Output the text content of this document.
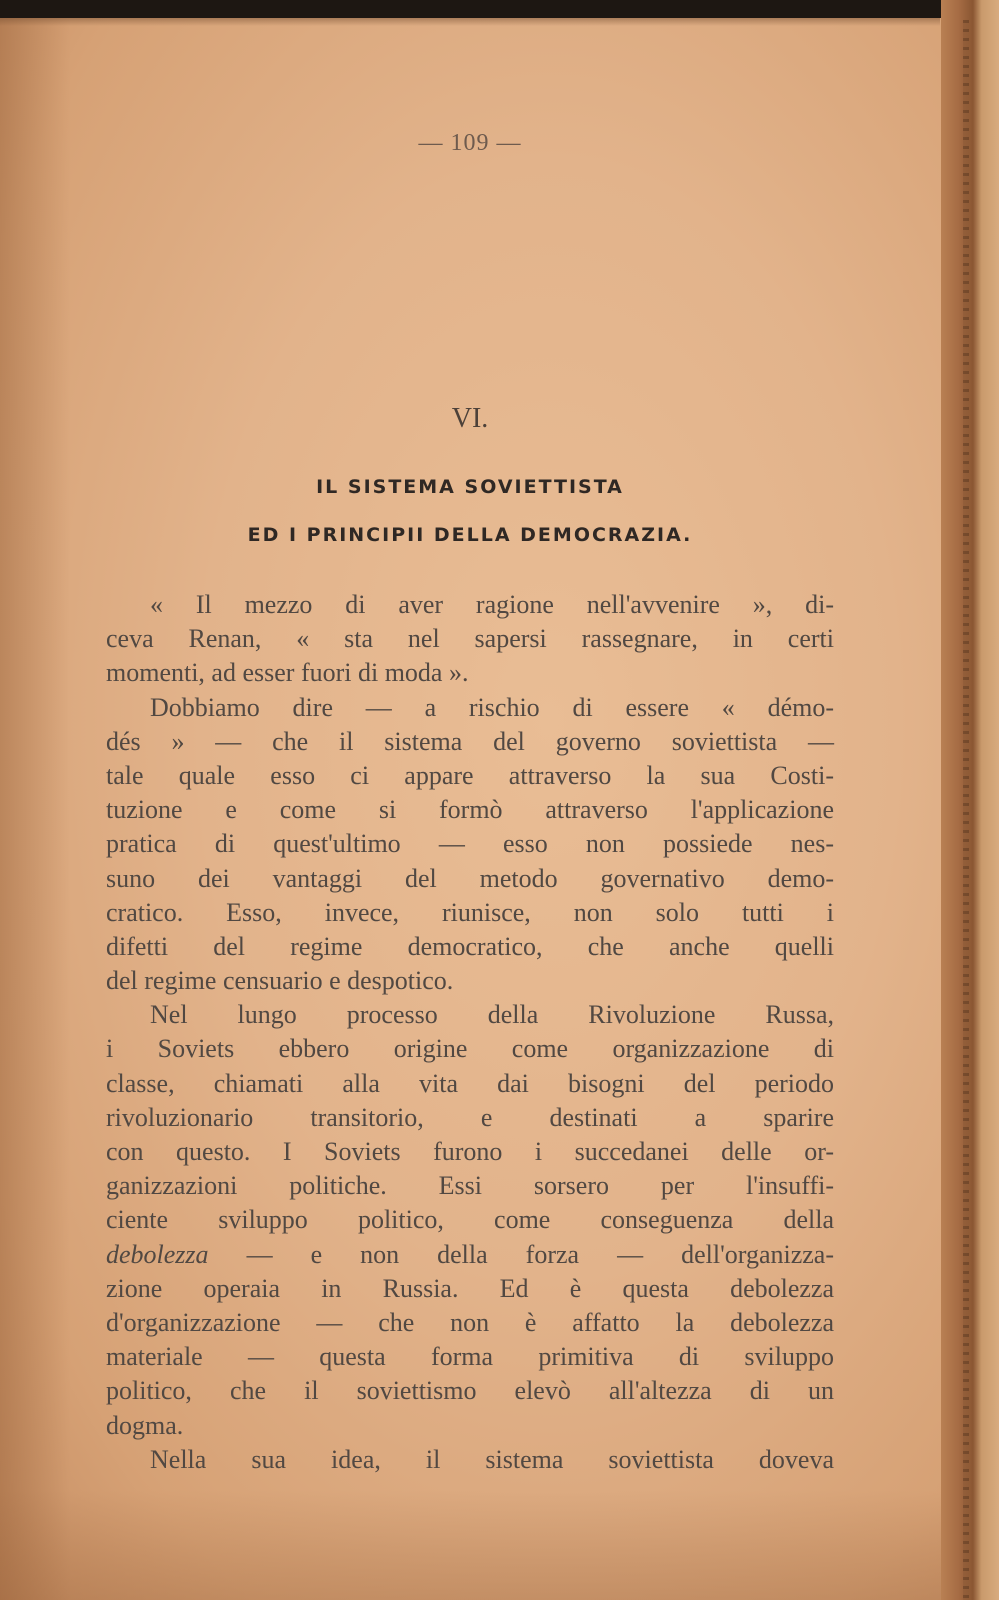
— 109 —
VI.
IL SISTEMA SOVIETTISTA
ED I PRINCIPII DELLA DEMOCRAZIA.
« Il mezzo di aver ragione nell'avvenire », di-
ceva Renan, « sta nel sapersi rassegnare, in certi
momenti, ad esser fuori di moda ».
Dobbiamo dire — a rischio di essere « démo-
dés » — che il sistema del governo soviettista —
tale quale esso ci appare attraverso la sua Costi-
tuzione e come si formò attraverso l'applicazione
pratica di quest'ultimo — esso non possiede nes-
suno dei vantaggi del metodo governativo demo-
cratico. Esso, invece, riunisce, non solo tutti i
difetti del regime democratico, che anche quelli
del regime censuario e despotico.
Nel lungo processo della Rivoluzione Russa,
i Soviets ebbero origine come organizzazione di
classe, chiamati alla vita dai bisogni del periodo
rivoluzionario transitorio, e destinati a sparire
con questo. I Soviets furono i succedanei delle or-
ganizzazioni politiche. Essi sorsero per l'insuffi-
ciente sviluppo politico, come conseguenza della
debolezza — e non della forza — dell'organizza-
zione operaia in Russia. Ed è questa debolezza
d'organizzazione — che non è affatto la debolezza
materiale — questa forma primitiva di sviluppo
politico, che il soviettismo elevò all'altezza di un
dogma.
Nella sua idea, il sistema soviettista doveva
